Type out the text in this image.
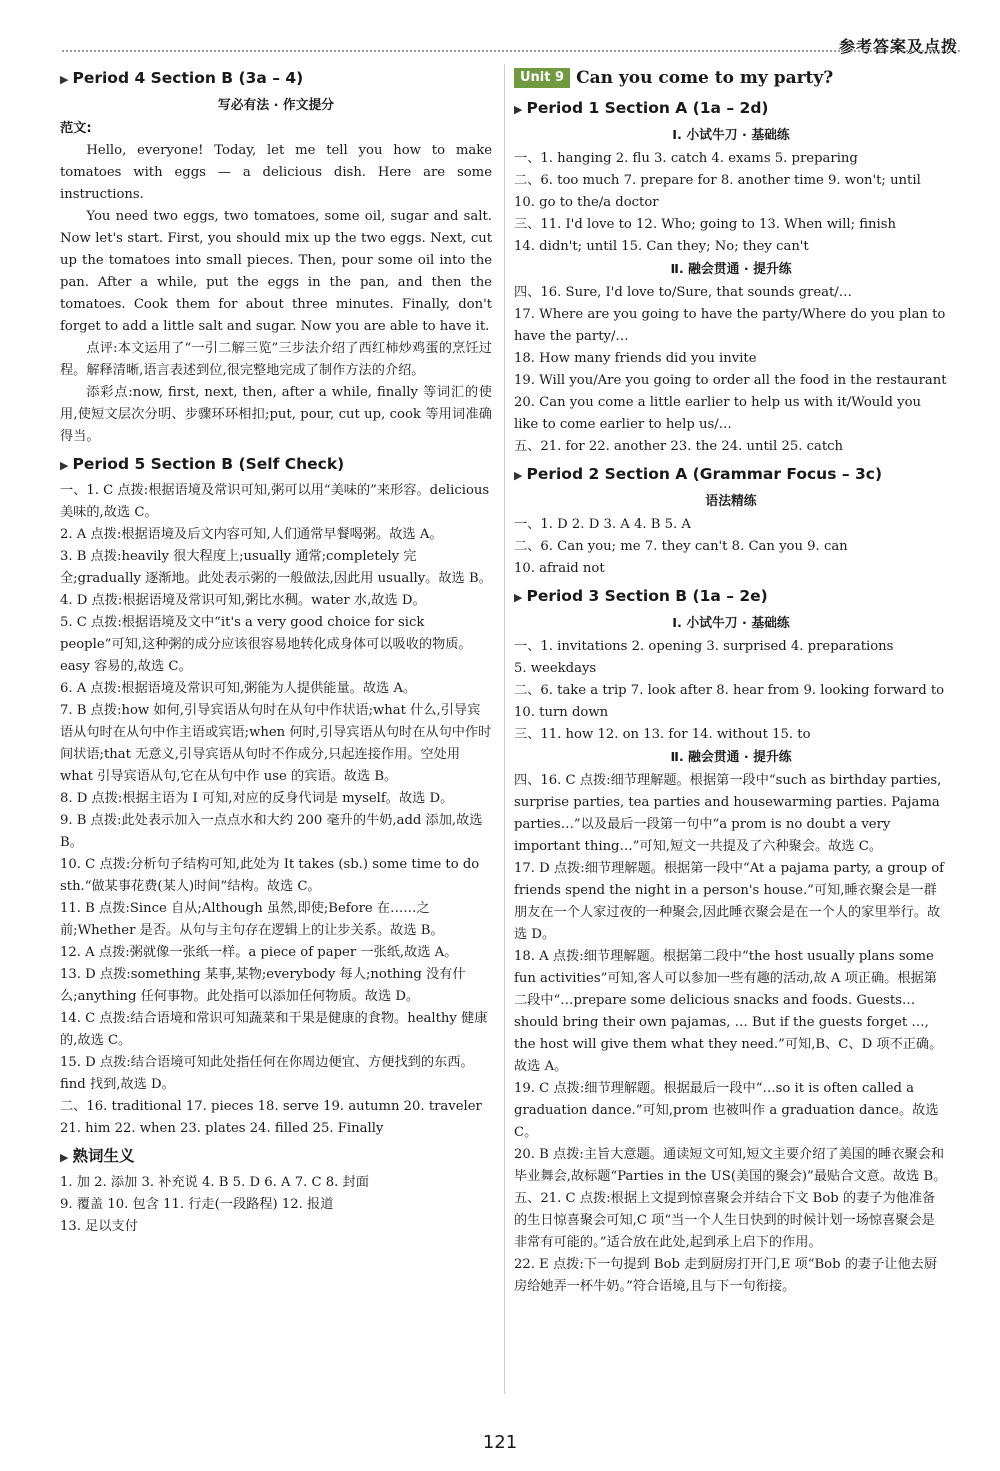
参考答案及点拨
▶ Period 4 Section B (3a – 4)
写必有法 · 作文提分
范文:
Hello, everyone! Today, let me tell you how to make tomatoes with eggs — a delicious dish. Here are some instructions.
You need two eggs, two tomatoes, some oil, sugar and salt. Now let's start. First, you should mix up the two eggs. Next, cut up the tomatoes into small pieces. Then, pour some oil into the pan. After a while, put the eggs in the pan, and then the tomatoes. Cook them for about three minutes. Finally, don't forget to add a little salt and sugar. Now you are able to have it.
点评:本文运用了“一引二解三览”三步法介绍了西红柿炒鸡蛋的烹饪过程。解释清晰,语言表述到位,很完整地完成了制作方法的介绍。
添彩点:now, first, next, then, after a while, finally 等词汇的使用,使短文层次分明、步骤环环相扣;put, pour, cut up, cook 等用词准确得当。
▶ Period 5 Section B (Self Check)
一、1. C 点拨:根据语境及常识可知,粥可以用“美味的”来形容。delicious 美味的,故选 C。
2. A 点拨:根据语境及后文内容可知,人们通常早餐喝粥。故选 A。
3. B 点拨:heavily 很大程度上;usually 通常;completely 完全;gradually 逐渐地。此处表示粥的一般做法,因此用 usually。故选 B。
4. D 点拨:根据语境及常识可知,粥比水稠。water 水,故选 D。
5. C 点拨:根据语境及文中“it's a very good choice for sick people”可知,这种粥的成分应该很容易地转化成身体可以吸收的物质。easy 容易的,故选 C。
6. A 点拨:根据语境及常识可知,粥能为人提供能量。故选 A。
7. B 点拨:how 如何,引导宾语从句时在从句中作状语;what 什么,引导宾语从句时在从句中作主语或宾语;when 何时,引导宾语从句时在从句中作时间状语;that 无意义,引导宾语从句时不作成分,只起连接作用。空处用 what 引导宾语从句,它在从句中作 use 的宾语。故选 B。
8. D 点拨:根据主语为 I 可知,对应的反身代词是 myself。故选 D。
9. B 点拨:此处表示加入一点点水和大约 200 毫升的牛奶,add 添加,故选 B。
10. C 点拨:分析句子结构可知,此处为 It takes (sb.) some time to do sth.“做某事花费(某人)时间”结构。故选 C。
11. B 点拨:Since 自从;Although 虽然,即使;Before 在……之前;Whether 是否。从句与主句存在逻辑上的让步关系。故选 B。
12. A 点拨:粥就像一张纸一样。a piece of paper 一张纸,故选 A。
13. D 点拨:something 某事,某物;everybody 每人;nothing 没有什么;anything 任何事物。此处指可以添加任何物质。故选 D。
14. C 点拨:结合语境和常识可知蔬菜和干果是健康的食物。healthy 健康的,故选 C。
15. D 点拨:结合语境可知此处指任何在你周边便宜、方便找到的东西。find 找到,故选 D。
二、16. traditional 17. pieces 18. serve 19. autumn 20. traveler
21. him 22. when 23. plates 24. filled 25. Finally
▶ 熟词生义
1. 加 2. 添加 3. 补充说 4. B 5. D 6. A 7. C 8. 封面
9. 覆盖 10. 包含 11. 行走(一段路程) 12. 报道
13. 足以支付
Unit 9 Can you come to my party?
▶ Period 1 Section A (1a – 2d)
Ⅰ. 小试牛刀 · 基础练
一、1. hanging 2. flu 3. catch 4. exams 5. preparing
二、6. too much 7. prepare for 8. another time 9. won't; until
10. go to the/a doctor
三、11. I'd love to 12. Who; going to 13. When will; finish
14. didn't; until 15. Can they; No; they can't
Ⅱ. 融会贯通 · 提升练
四、16. Sure, I'd love to/Sure, that sounds great/…
17. Where are you going to have the party/Where do you plan to have the party/…
18. How many friends did you invite
19. Will you/Are you going to order all the food in the restaurant
20. Can you come a little earlier to help us with it/Would you like to come earlier to help us/…
五、21. for 22. another 23. the 24. until 25. catch
▶ Period 2 Section A (Grammar Focus – 3c)
语法精练
一、1. D 2. D 3. A 4. B 5. A
二、6. Can you; me 7. they can't 8. Can you 9. can
10. afraid not
▶ Period 3 Section B (1a – 2e)
Ⅰ. 小试牛刀 · 基础练
一、1. invitations 2. opening 3. surprised 4. preparations
5. weekdays
二、6. take a trip 7. look after 8. hear from 9. looking forward to
10. turn down
三、11. how 12. on 13. for 14. without 15. to
Ⅱ. 融会贯通 · 提升练
四、16. C 点拨:细节理解题。根据第一段中“such as birthday parties, surprise parties, tea parties and housewarming parties. Pajama parties…”以及最后一段第一句中“a prom is no doubt a very important thing…”可知,短文一共提及了六种聚会。故选 C。
17. D 点拨:细节理解题。根据第一段中“At a pajama party, a group of friends spend the night in a person's house.”可知,睡衣聚会是一群朋友在一个人家过夜的一种聚会,因此睡衣聚会是在一个人的家里举行。故选 D。
18. A 点拨:细节理解题。根据第二段中“the host usually plans some fun activities”可知,客人可以参加一些有趣的活动,故 A 项正确。根据第二段中“…prepare some delicious snacks and foods. Guests… should bring their own pajamas, … But if the guests forget …, the host will give them what they need.”可知,B、C、D 项不正确。故选 A。
19. C 点拨:细节理解题。根据最后一段中“…so it is often called a graduation dance.”可知,prom 也被叫作 a graduation dance。故选 C。
20. B 点拨:主旨大意题。通读短文可知,短文主要介绍了美国的睡衣聚会和毕业舞会,故标题“Parties in the US(美国的聚会)”最贴合文意。故选 B。
五、21. C 点拨:根据上文提到惊喜聚会并结合下文 Bob 的妻子为他准备的生日惊喜聚会可知,C 项“当一个人生日快到的时候计划一场惊喜聚会是非常有可能的。”适合放在此处,起到承上启下的作用。
22. E 点拨:下一句提到 Bob 走到厨房打开门,E 项“Bob 的妻子让他去厨房给她弄一杯牛奶。”符合语境,且与下一句衔接。
121
